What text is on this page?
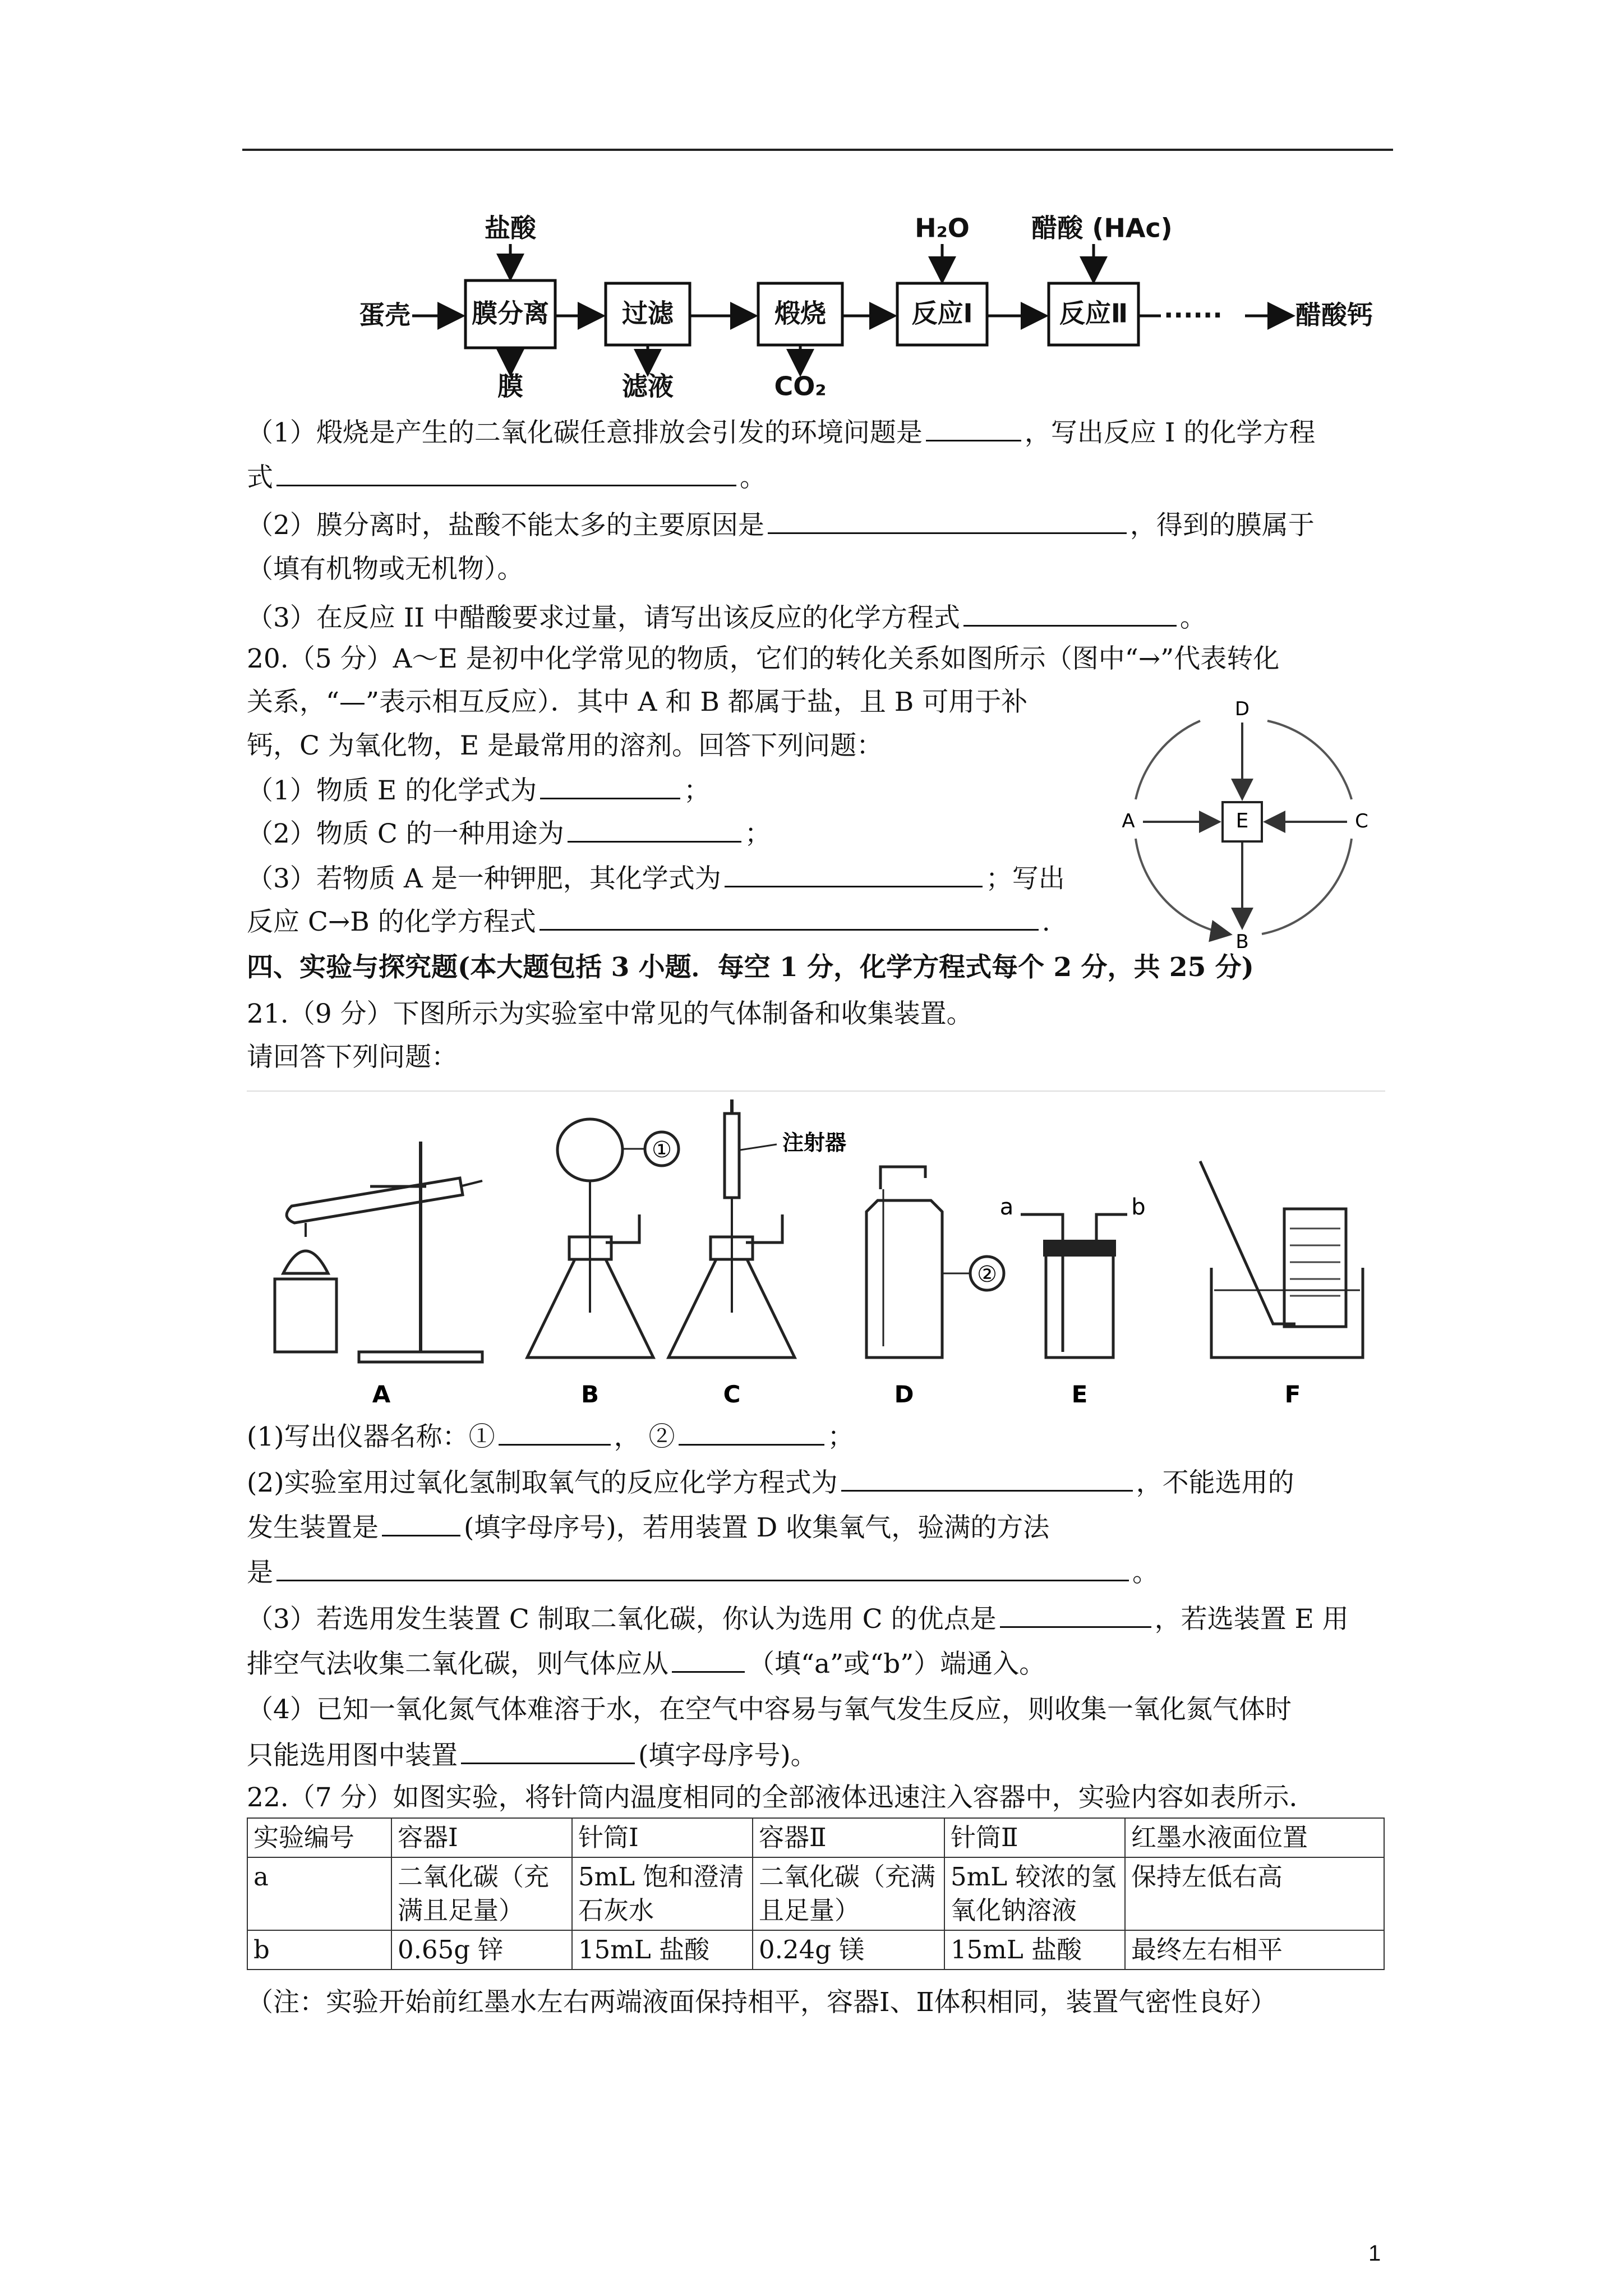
蛋壳 膜分离
盐酸
膜
过滤
滤液
煅烧
CO₂
反应Ⅰ
H₂O
反应Ⅱ
醋酸 (HAc)
······	醋酸钙
（1）煅烧是产生的二氧化碳任意排放会引发的环境问题是	，写出反应 I 的化学方程
式	。
（2）膜分离时，盐酸不能太多的主要原因是	，得到的膜属于
（填有机物或无机物）。
（3）在反应 II 中醋酸要求过量，请写出该反应的化学方程式	。
20.（5 分）A～E 是初中化学常见的物质，它们的转化关系如图所示（图中“→”代表转化
关系，“—”表示相互反应）．其中 A 和 B 都属于盐，且 B 可用于补
钙，C 为氧化物，E 是最常用的溶剂。回答下列问题：
（1）物质 E 的化学式为	；
（2）物质 C 的一种用途为	；
（3）若物质 A 是一种钾肥，其化学式为	；写出
反应 C→B 的化学方程式	.
E
D
A	C
B
四、实验与探究题(本大题包括 3 小题．每空 1 分，化学方程式每个 2 分，共 25 分)
21.（9 分）下图所示为实验室中常见的气体制备和收集装置。
请回答下列问题：
A
①
B
注射器
C
②
D
a	b
E	F
(1)写出仪器名称：①	， ②	；
(2)实验室用过氧化氢制取氧气的反应化学方程式为	，不能选用的
发生装置是	(填字母序号)，若用装置 D 收集氧气，验满的方法
是	。
（3）若选用发生装置 C 制取二氧化碳，你认为选用 C 的优点是	，若选装置 E 用
排空气法收集二氧化碳，则气体应从	（填“a”或“b”）端通入。
（4）已知一氧化氮气体难溶于水，在空气中容易与氧气发生反应，则收集一氧化氮气体时
只能选用图中装置	(填字母序号)。
22.（7 分）如图实验，将针筒内温度相同的全部液体迅速注入容器中，实验内容如表所示．
实验编号	容器Ⅰ	针筒Ⅰ	容器Ⅱ	针筒Ⅱ	红墨水液面位置
a	二氧化碳（充满且足量）	5mL 饱和澄清石灰水	二氧化碳（充满且足量）	5mL 较浓的氢氧化钠溶液	保持左低右高
b	0.65g 锌	15mL 盐酸	0.24g 镁	15mL 盐酸	最终左右相平
（注：实验开始前红墨水左右两端液面保持相平，容器Ⅰ、Ⅱ体积相同，装置气密性良好）
1
